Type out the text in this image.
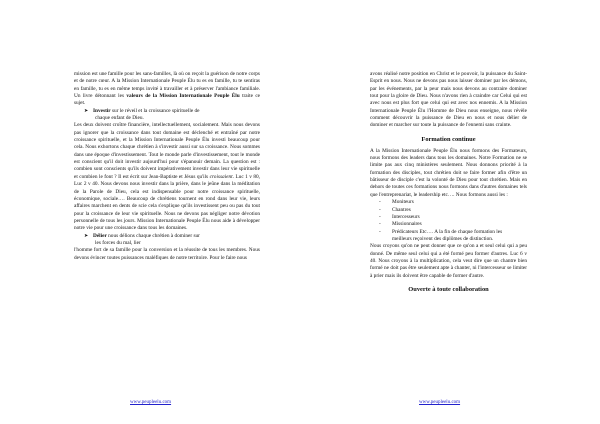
mission est une famille pour les sans-familles, là où on reçoit la guérison de notre corps et de notre cœur. A la Mission Internationale Peuple Élu tu es en famille, tu te sentiras en famille, tu es en même temps invité à travailler et à préserver l'ambiance familiale. Un livre détonnant les valeurs de la Mission Internationale Peuple Élu traite ce sujet.

➤ Investir sur le réveil et la croissance spirituelle de

chaque enfant de Dieu.

Les deux doivent croître financière, intellectuellement, socialement. Mais nous devons pas ignorer que la croissance dans tout domaine est déclenché et entraîné par notre croissance spirituelle, et la Mission Internationale Peuple Élu investi beaucoup pour cela. Nous exhortons chaque chrétien à s'investir aussi sur sa croissance. Nous sommes dans une époque d'investissement. Tout le monde parle d'investissement, tout le monde est conscient qu'il doit investir aujourd'hui pour s'épanouir demain. La question est : combien sont conscients qu'ils doivent impérativement investir dans leur vie spirituelle et combien le font ? Il est écrit sur Jean-Baptiste et Jésus qu'ils croissaient. Luc 1 v 80, Luc 2 v 40. Nous devons nous investir dans la prière, dans le jeûne dans la méditation de la Parole de Dieu, cela est indispensable pour notre croissance spirituelle, économique, sociale…. Beaucoup de chrétiens tournent en rond dans leur vie, leurs affaires marchent en dents de scie cela s'explique qu'ils investissent peu ou pas du tout pour la croissance de leur vie spirituelle. Nous ne devons pas négliger notre dévotion personnelle de tous les jours. Mission Internationale Peuple Élu nous aide à développer notre vie pour une croissance dans tous les domaines.

➤ Délier nous délions chaque chrétien à dominer sur

les forces du mal, lier

l'homme fort de sa famille pour la conversion et la réussite de tous les membres. Nous devons évincer toutes puissances maléfiques de notre territoire. Pour le faire nous

avons réalisé notre position en Christ et le pouvoir, la puissance du Saint-Esprit en nous. Nous ne devons pas nous laisser dominer par les démons, par les événements, par la peur mais nous devons au contraire dominer tout pour la gloire de Dieu. Nous n'avons rien à craindre car Celui qui est avec nous est plus fort que celui qui est avec nos ennemis. A la Mission Internationale Peuple Élu l'Homme de Dieu nous enseigne, nous révèle comment découvrir la puissance de Dieu en nous et nous délier de dominer et marcher sur toute la puissance de l'ennemi sans crainte.

Formation continue

A la Mission Internationale Peuple Élu nous formons des Formateurs, nous formons des leaders dans tous les domaines. Notre Formation ne se limite pas aux cinq ministères seulement. Nous donnons priorité à la formation des disciples, tout chrétien doit se faire former afin d'être un bâtisseur de disciple c'est la volonté de Dieu pour tout chrétien. Mais en dehors de toutes ces formations nous formons dans d'autres domaines tels que l'entreprenariat, le leadership etc…. Nous formons aussi les :

-	Moniteurs
-	Chantres
-	Intercesseurs
-	Missionnaires
-	Prédicateurs Etc…. A la fin de chaque formation les

meilleurs reçoivent des diplômes de distinction.

Nous croyons qu'on ne peut donner que ce qu'on a et seul celui qui a peu donné. De même seul celui qui a été formé peu former d'autres. Luc 6 v 40. Nous croyons à la multiplication, cela veut dire que un chantre bien formé ne doit pas être seulement apte à chanter, ni l'intercesseur se limiter à prier mais ils doivent être capable de former d'autre.

Ouverte à toute collaboration
www.peupleelu.com	www.peupleelu.com
